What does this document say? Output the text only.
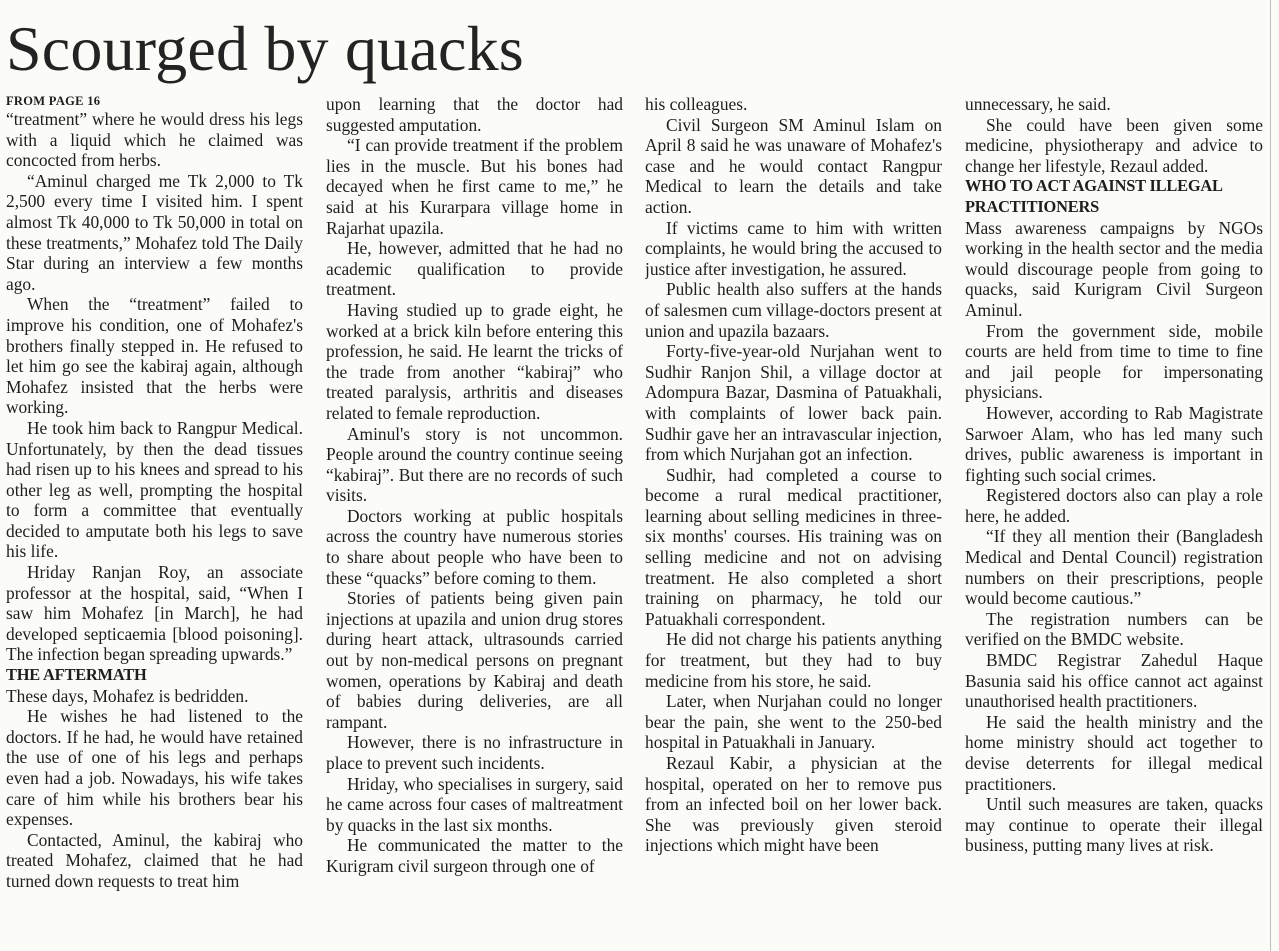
Scourged by quacks
FROM PAGE 16

“treatment” where he would dress his legs with a liquid which he claimed was concocted from herbs.

“Aminul charged me Tk 2,000 to Tk 2,500 every time I visited him. I spent almost Tk 40,000 to Tk 50,000 in total on these treatments,” Mohafez told The Daily Star during an interview a few months ago.

When the “treatment” failed to improve his condition, one of Mohafez's brothers finally stepped in. He refused to let him go see the kabiraj again, although Mohafez insisted that the herbs were working.

He took him back to Rangpur Medical. Unfortunately, by then the dead tissues had risen up to his knees and spread to his other leg as well, prompting the hospital to form a committee that eventually decided to amputate both his legs to save his life.

Hriday Ranjan Roy, an associate professor at the hospital, said, “When I saw him Mohafez [in March], he had developed septicaemia [blood poisoning]. The infection began spreading upwards.”

THE AFTERMATH

These days, Mohafez is bedridden.

He wishes he had listened to the doctors. If he had, he would have retained the use of one of his legs and perhaps even had a job. Nowadays, his wife takes care of him while his brothers bear his expenses.

Contacted, Aminul, the kabiraj who treated Mohafez, claimed that he had turned down requests to treat him

upon learning that the doctor had suggested amputation.

“I can provide treatment if the problem lies in the muscle. But his bones had decayed when he first came to me,” he said at his Kurarpara village home in Rajarhat upazila.

He, however, admitted that he had no academic qualification to provide treatment.

Having studied up to grade eight, he worked at a brick kiln before entering this profession, he said. He learnt the tricks of the trade from another “kabiraj” who treated paralysis, arthritis and diseases related to female reproduction.

Aminul's story is not uncommon. People around the country continue seeing “kabiraj”. But there are no records of such visits.

Doctors working at public hospitals across the country have numerous stories to share about people who have been to these “quacks” before coming to them.

Stories of patients being given pain injections at upazila and union drug stores during heart attack, ultrasounds carried out by non-medical persons on pregnant women, operations by Kabiraj and death of babies during deliveries, are all rampant.

However, there is no infrastructure in place to prevent such incidents.

Hriday, who specialises in surgery, said he came across four cases of maltreatment by quacks in the last six months.

He communicated the matter to the Kurigram civil surgeon through one of

his colleagues.

Civil Surgeon SM Aminul Islam on April 8 said he was unaware of Mohafez's case and he would contact Rangpur Medical to learn the details and take action.

If victims came to him with written complaints, he would bring the accused to justice after investigation, he assured.

Public health also suffers at the hands of salesmen cum village-doctors present at union and upazila bazaars.

Forty-five-year-old Nurjahan went to Sudhir Ranjon Shil, a village doctor at Adompura Bazar, Dasmina of Patuakhali, with complaints of lower back pain. Sudhir gave her an intravascular injection, from which Nurjahan got an infection.

Sudhir, had completed a course to become a rural medical practitioner, learning about selling medicines in three-six months' courses. His training was on selling medicine and not on advising treatment. He also completed a short training on pharmacy, he told our Patuakhali correspondent.

He did not charge his patients anything for treatment, but they had to buy medicine from his store, he said.

Later, when Nurjahan could no longer bear the pain, she went to the 250-bed hospital in Patuakhali in January.

Rezaul Kabir, a physician at the hospital, operated on her to remove pus from an infected boil on her lower back. She was previously given steroid injections which might have been

unnecessary, he said.

She could have been given some medicine, physiotherapy and advice to change her lifestyle, Rezaul added.

WHO TO ACT AGAINST ILLEGAL PRACTITIONERS

Mass awareness campaigns by NGOs working in the health sector and the media would discourage people from going to quacks, said Kurigram Civil Surgeon Aminul.

From the government side, mobile courts are held from time to time to fine and jail people for impersonating physicians.

However, according to Rab Magistrate Sarwoer Alam, who has led many such drives, public awareness is important in fighting such social crimes.

Registered doctors also can play a role here, he added.

“If they all mention their (Bangladesh Medical and Dental Council) registration numbers on their prescriptions, people would become cautious.”

The registration numbers can be verified on the BMDC website.

BMDC Registrar Zahedul Haque Basunia said his office cannot act against unauthorised health practitioners.

He said the health ministry and the home ministry should act together to devise deterrents for illegal medical practitioners.

Until such measures are taken, quacks may continue to operate their illegal business, putting many lives at risk.
